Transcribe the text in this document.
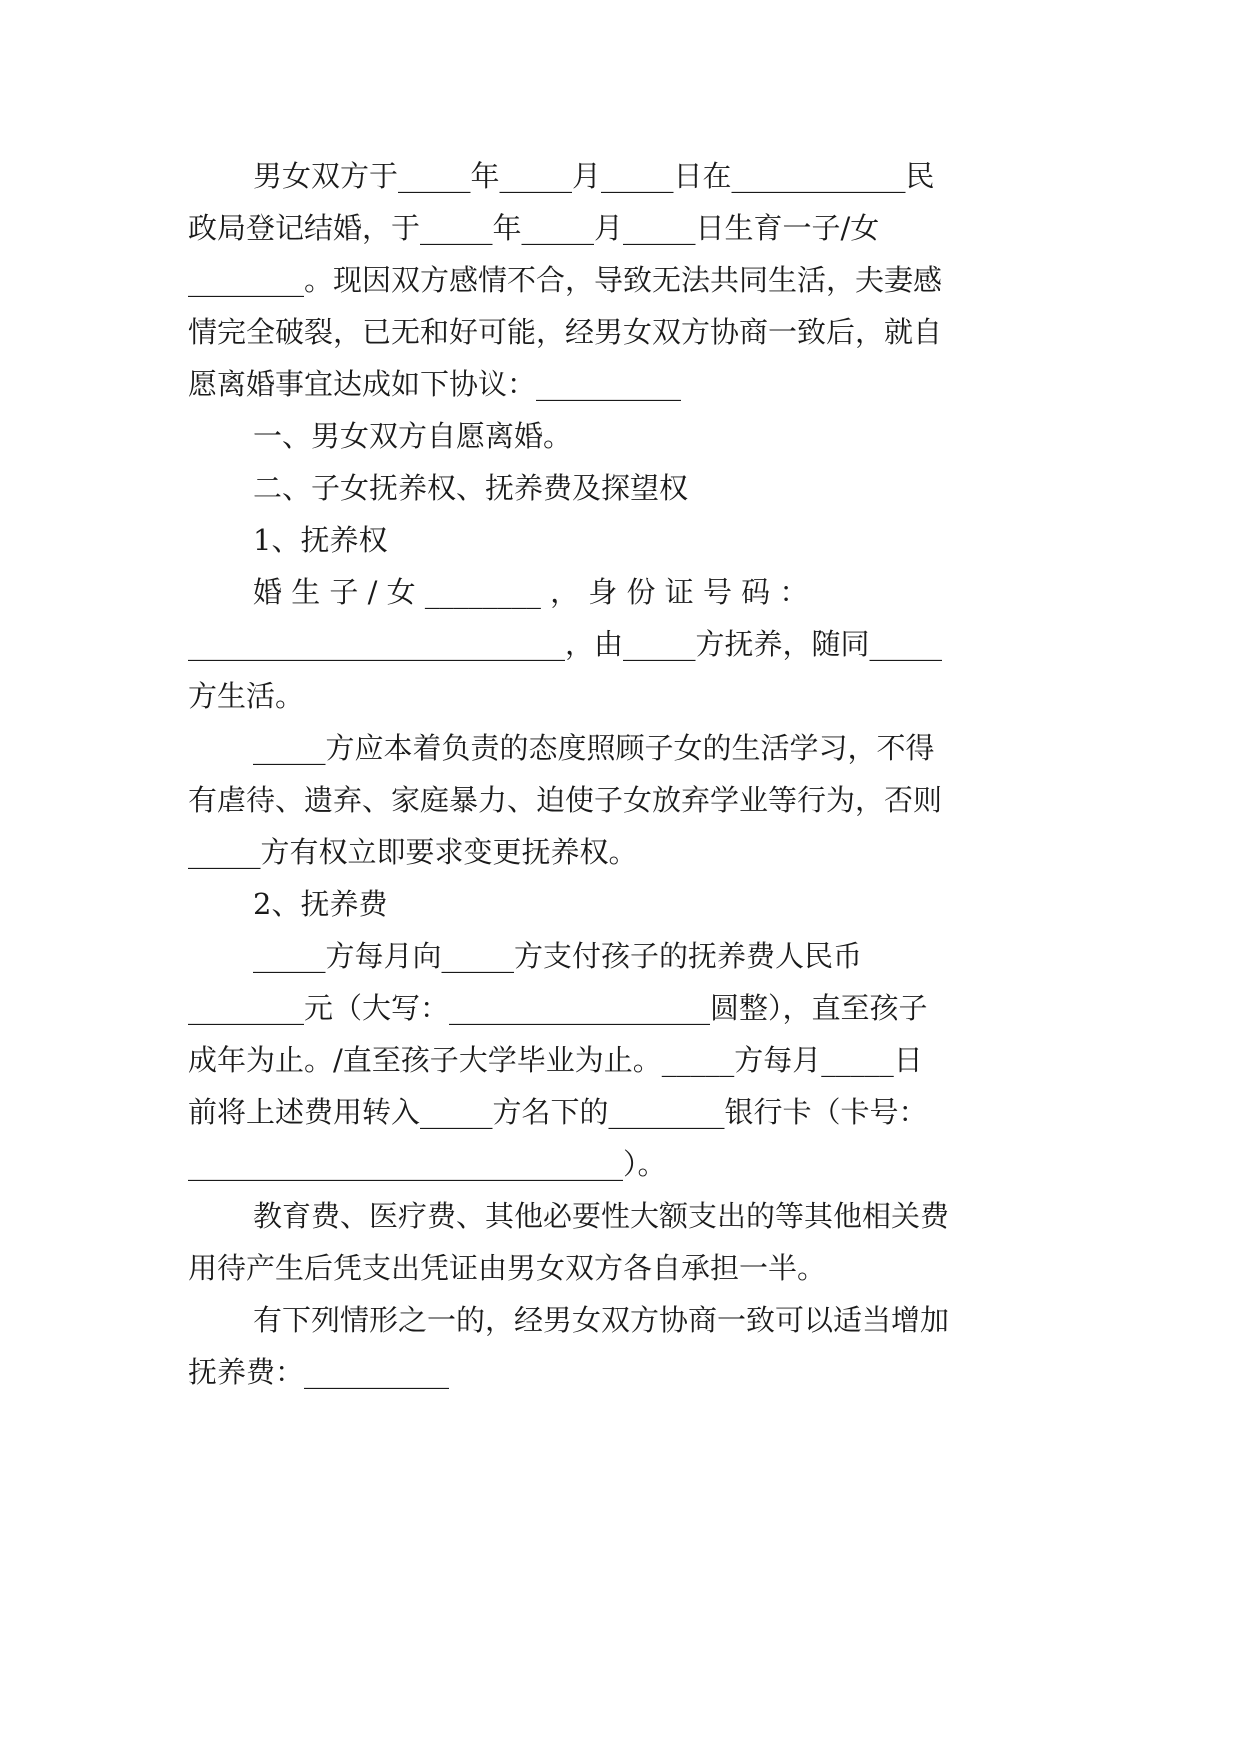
男女双方于_____年_____月_____日在____________民
政局登记结婚，于_____年_____月_____日生育一子/女
________。现因双方感情不合，导致无法共同生活，夫妻感
情完全破裂，已无和好可能，经男女双方协商一致后，就自
愿离婚事宜达成如下协议：__________
一、男女双方自愿离婚。
二、子女抚养权、抚养费及探望权
1、抚养权
婚 生 子 / 女 ________ ， 身 份 证 号 码 ：
__________________________，由_____方抚养，随同_____
方生活。
_____方应本着负责的态度照顾子女的生活学习，不得
有虐待、遗弃、家庭暴力、迫使子女放弃学业等行为，否则
_____方有权立即要求变更抚养权。
2、抚养费
_____方每月向_____方支付孩子的抚养费人民币
________元（大写：__________________圆整），直至孩子
成年为止。/直至孩子大学毕业为止。_____方每月_____日
前将上述费用转入_____方名下的________银行卡（卡号：
______________________________）。
教育费、医疗费、其他必要性大额支出的等其他相关费
用待产生后凭支出凭证由男女双方各自承担一半。
有下列情形之一的，经男女双方协商一致可以适当增加
抚养费：__________
